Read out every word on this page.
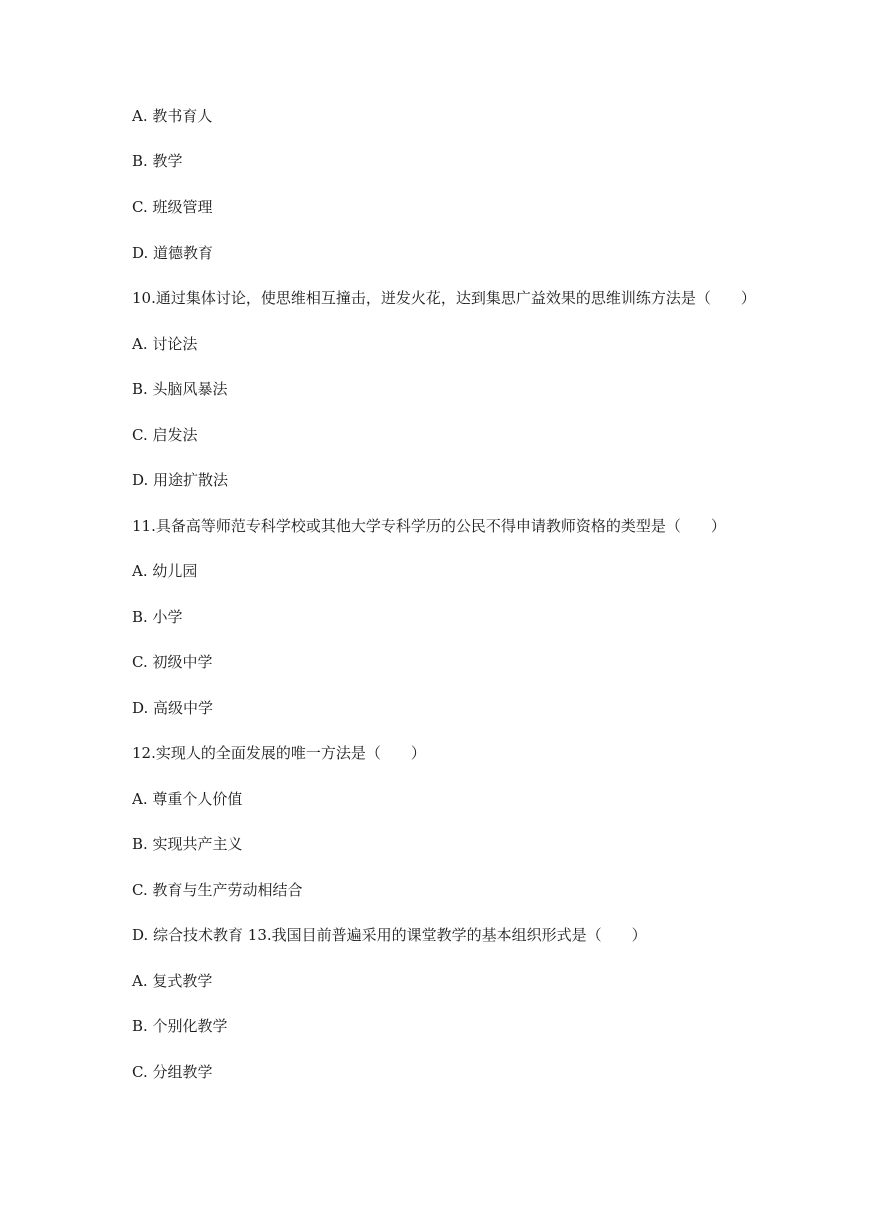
A. 教书育人
B. 教学
C. 班级管理
D. 道德教育
10.通过集体讨论，使思维相互撞击，迸发火花，达到集思广益效果的思维训练方法是（　　）
A. 讨论法
B. 头脑风暴法
C. 启发法
D. 用途扩散法
11.具备高等师范专科学校或其他大学专科学历的公民不得申请教师资格的类型是（　　）
A. 幼儿园
B. 小学
C. 初级中学
D. 高级中学
12.实现人的全面发展的唯一方法是（　　）
A. 尊重个人价值
B. 实现共产主义
C. 教育与生产劳动相结合
D. 综合技术教育 13.我国目前普遍采用的课堂教学的基本组织形式是（　　）
A. 复式教学
B. 个别化教学
C. 分组教学
